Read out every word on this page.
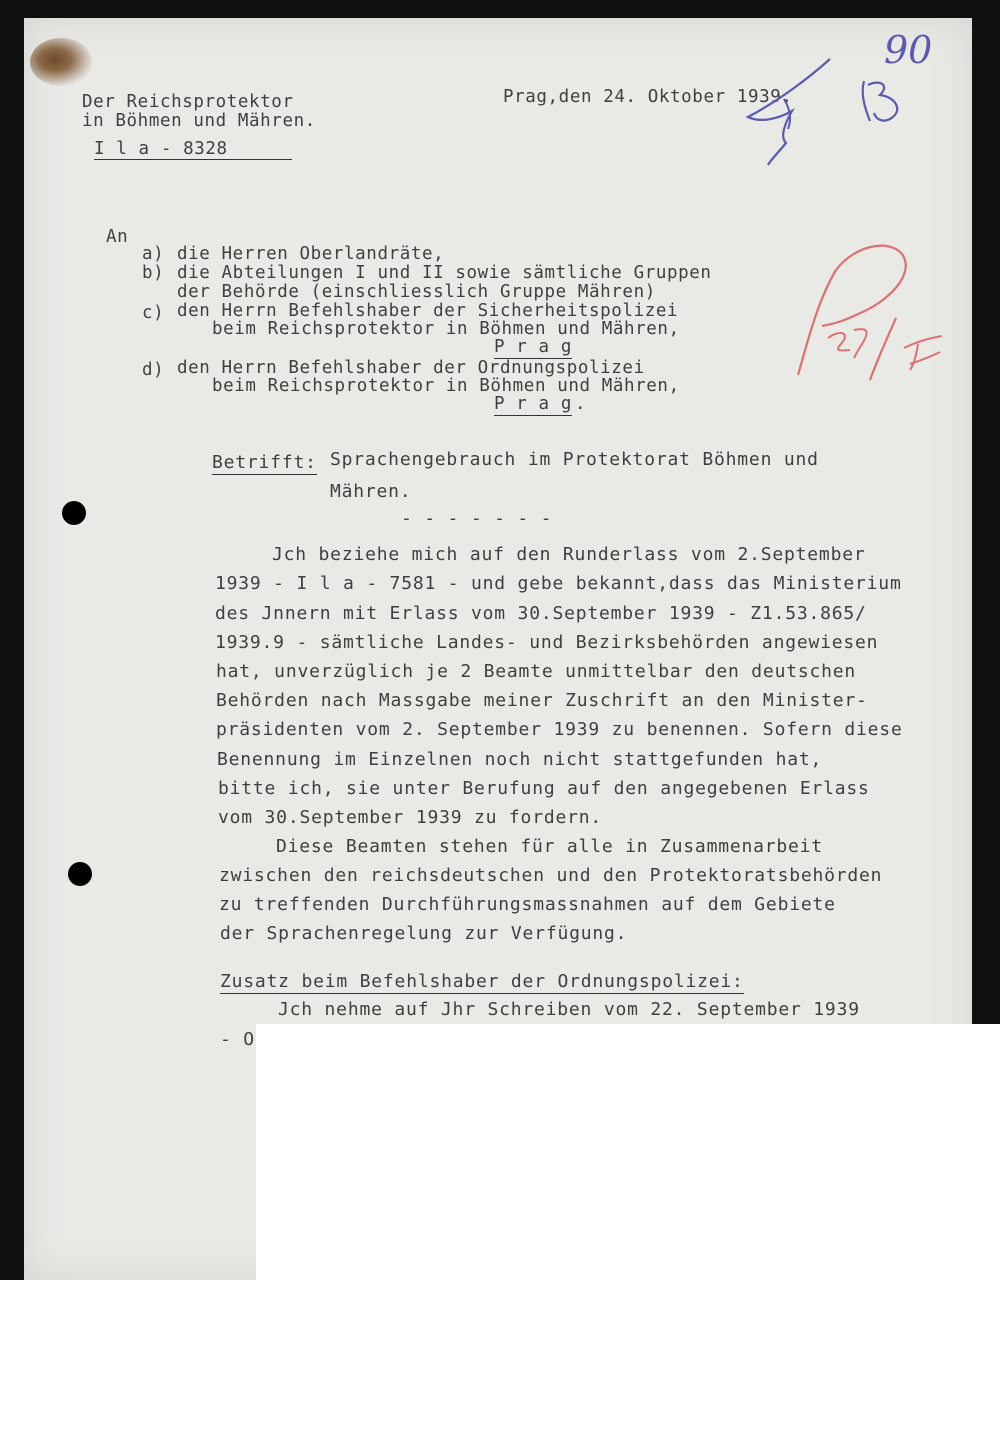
Der Reichsprotektor
in Böhmen und Mähren.
I l a - 8328
Prag,den 24. Oktober 1939.
90
An
a) die Herren Oberlandräte,
b) die Abteilungen I und II sowie sämtliche Gruppen
der Behörde (einschliesslich Gruppe Mähren)
c) den Herrn Befehlshaber der Sicherheitspolizei
beim Reichsprotektor in Böhmen und Mähren,
P r a g
d) den Herrn Befehlshaber der Ordnungspolizei
beim Reichsprotektor in Böhmen und Mähren,
P r a g .
Betrifft: Sprachengebrauch im Protektorat Böhmen und
Mähren.
- - - - - - -
Jch beziehe mich auf den Runderlass vom 2.September
1939 - I l a - 7581 - und gebe bekannt,dass das Ministerium
des Jnnern mit Erlass vom 30.September 1939 - Z1.53.865/
1939.9 - sämtliche Landes- und Bezirksbehörden angewiesen
hat, unverzüglich je 2 Beamte unmittelbar den deutschen
Behörden nach Massgabe meiner Zuschrift an den Minister-
präsidenten vom 2. September 1939 zu benennen. Sofern diese
Benennung im Einzelnen noch nicht stattgefunden hat,
bitte ich, sie unter Berufung auf den angegebenen Erlass
vom 30.September 1939 zu fordern.
Diese Beamten stehen für alle in Zusammenarbeit
zwischen den reichsdeutschen und den Protektoratsbehörden
zu treffenden Durchführungsmassnahmen auf dem Gebiete
der Sprachenregelung zur Verfügung.
Zusatz beim Befehlshaber der Ordnungspolizei:
Jch nehme auf Jhr Schreiben vom 22. September 1939
- O
